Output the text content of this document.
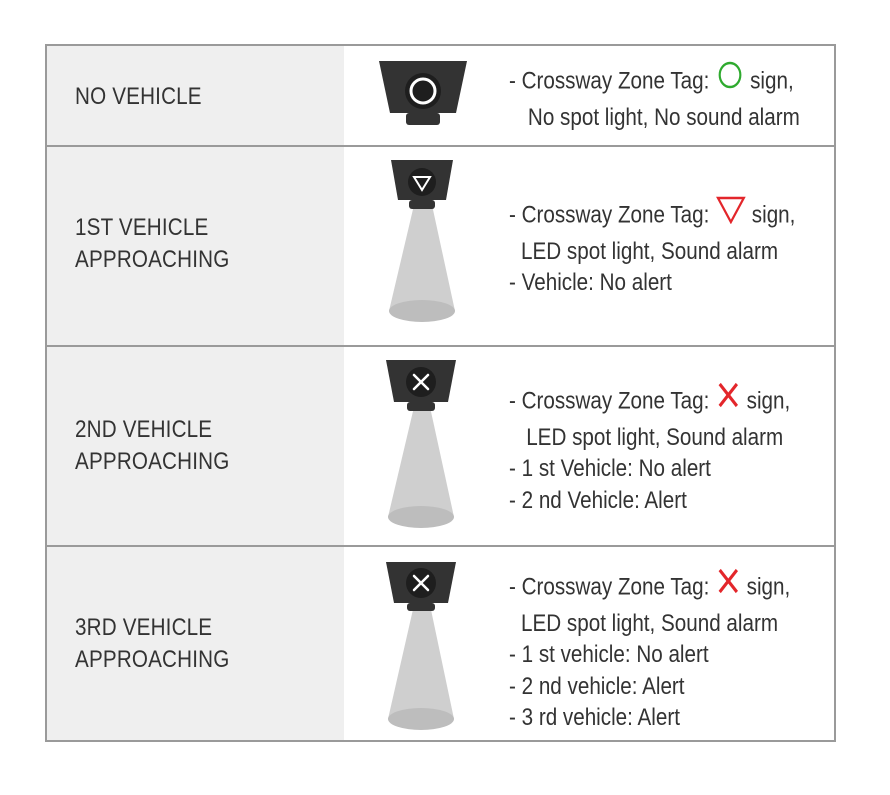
NO VEHICLE
- Crossway Zone Tag: sign,
No spot light, No sound alarm
1ST VEHICLE
APPROACHING
- Crossway Zone Tag: sign,
LED spot light, Sound alarm
- Vehicle: No alert
2ND VEHICLE
APPROACHING
- Crossway Zone Tag: sign,
LED spot light, Sound alarm
- 1 st Vehicle: No alert
- 2 nd Vehicle: Alert
3RD VEHICLE
APPROACHING
- Crossway Zone Tag: sign,
LED spot light, Sound alarm
- 1 st vehicle: No alert
- 2 nd vehicle: Alert
- 3 rd vehicle: Alert
